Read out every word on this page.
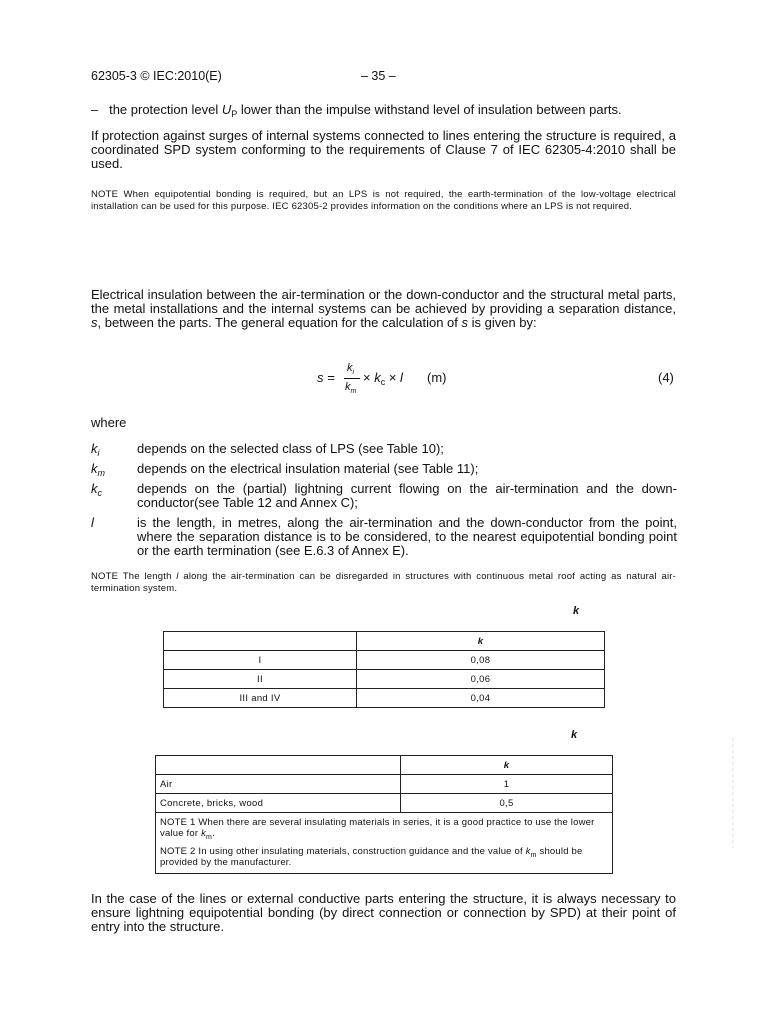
62305-3 © IEC:2010(E)	– 35 –
– the protection level $U_P$ lower than the impulse withstand level of insulation between parts.
If protection against surges of internal systems connected to lines entering the structure is required, a coordinated SPD system conforming to the requirements of Clause 7 of IEC 62305-4:2010 shall be used.
NOTE When equipotential bonding is required, but an LPS is not required, the earth-termination of the low-voltage electrical installation can be used for this purpose. IEC 62305-2 provides information on the conditions where an LPS is not required.
Electrical insulation between the air-termination or the down-conductor and the structural metal parts, the metal installations and the internal systems can be achieved by providing a separation distance, s, between the parts. The general equation for the calculation of s is given by:
s =
$k_i$
$k_m$
× $k_c \times l$ (m)	(4)
where
$k_i$	depends on the selected class of LPS (see Table 10);
$k_m$ depends on the electrical insulation material (see Table 11);
$k_c$	depends on the (partial) lightning current flowing on the air-termination and the down-conductor(see Table 12 and Annex C);
l	is the length, in metres, along the air-termination and the down-conductor from the point, where the separation distance is to be considered, to the nearest equipotential bonding point or the earth termination (see E.6.3 of Annex E).
NOTE The length l along the air-termination can be disregarded in structures with continuous metal roof acting as natural air-termination system.
k
	k
I	0,08
II	0,06
III and IV	0,04
k
	k
Air	1
Concrete, bricks, wood	0,5

NOTE 1 When there are several insulating materials in series, it is a good practice to use the lower value for $k_m$.
NOTE 2 In using other insulating materials, construction guidance and the value of $k_m$ should be provided by the manufacturer.	
In the case of the lines or external conductive parts entering the structure, it is always necessary to ensure lightning equipotential bonding (by direct connection or connection by SPD) at their point of entry into the structure.
